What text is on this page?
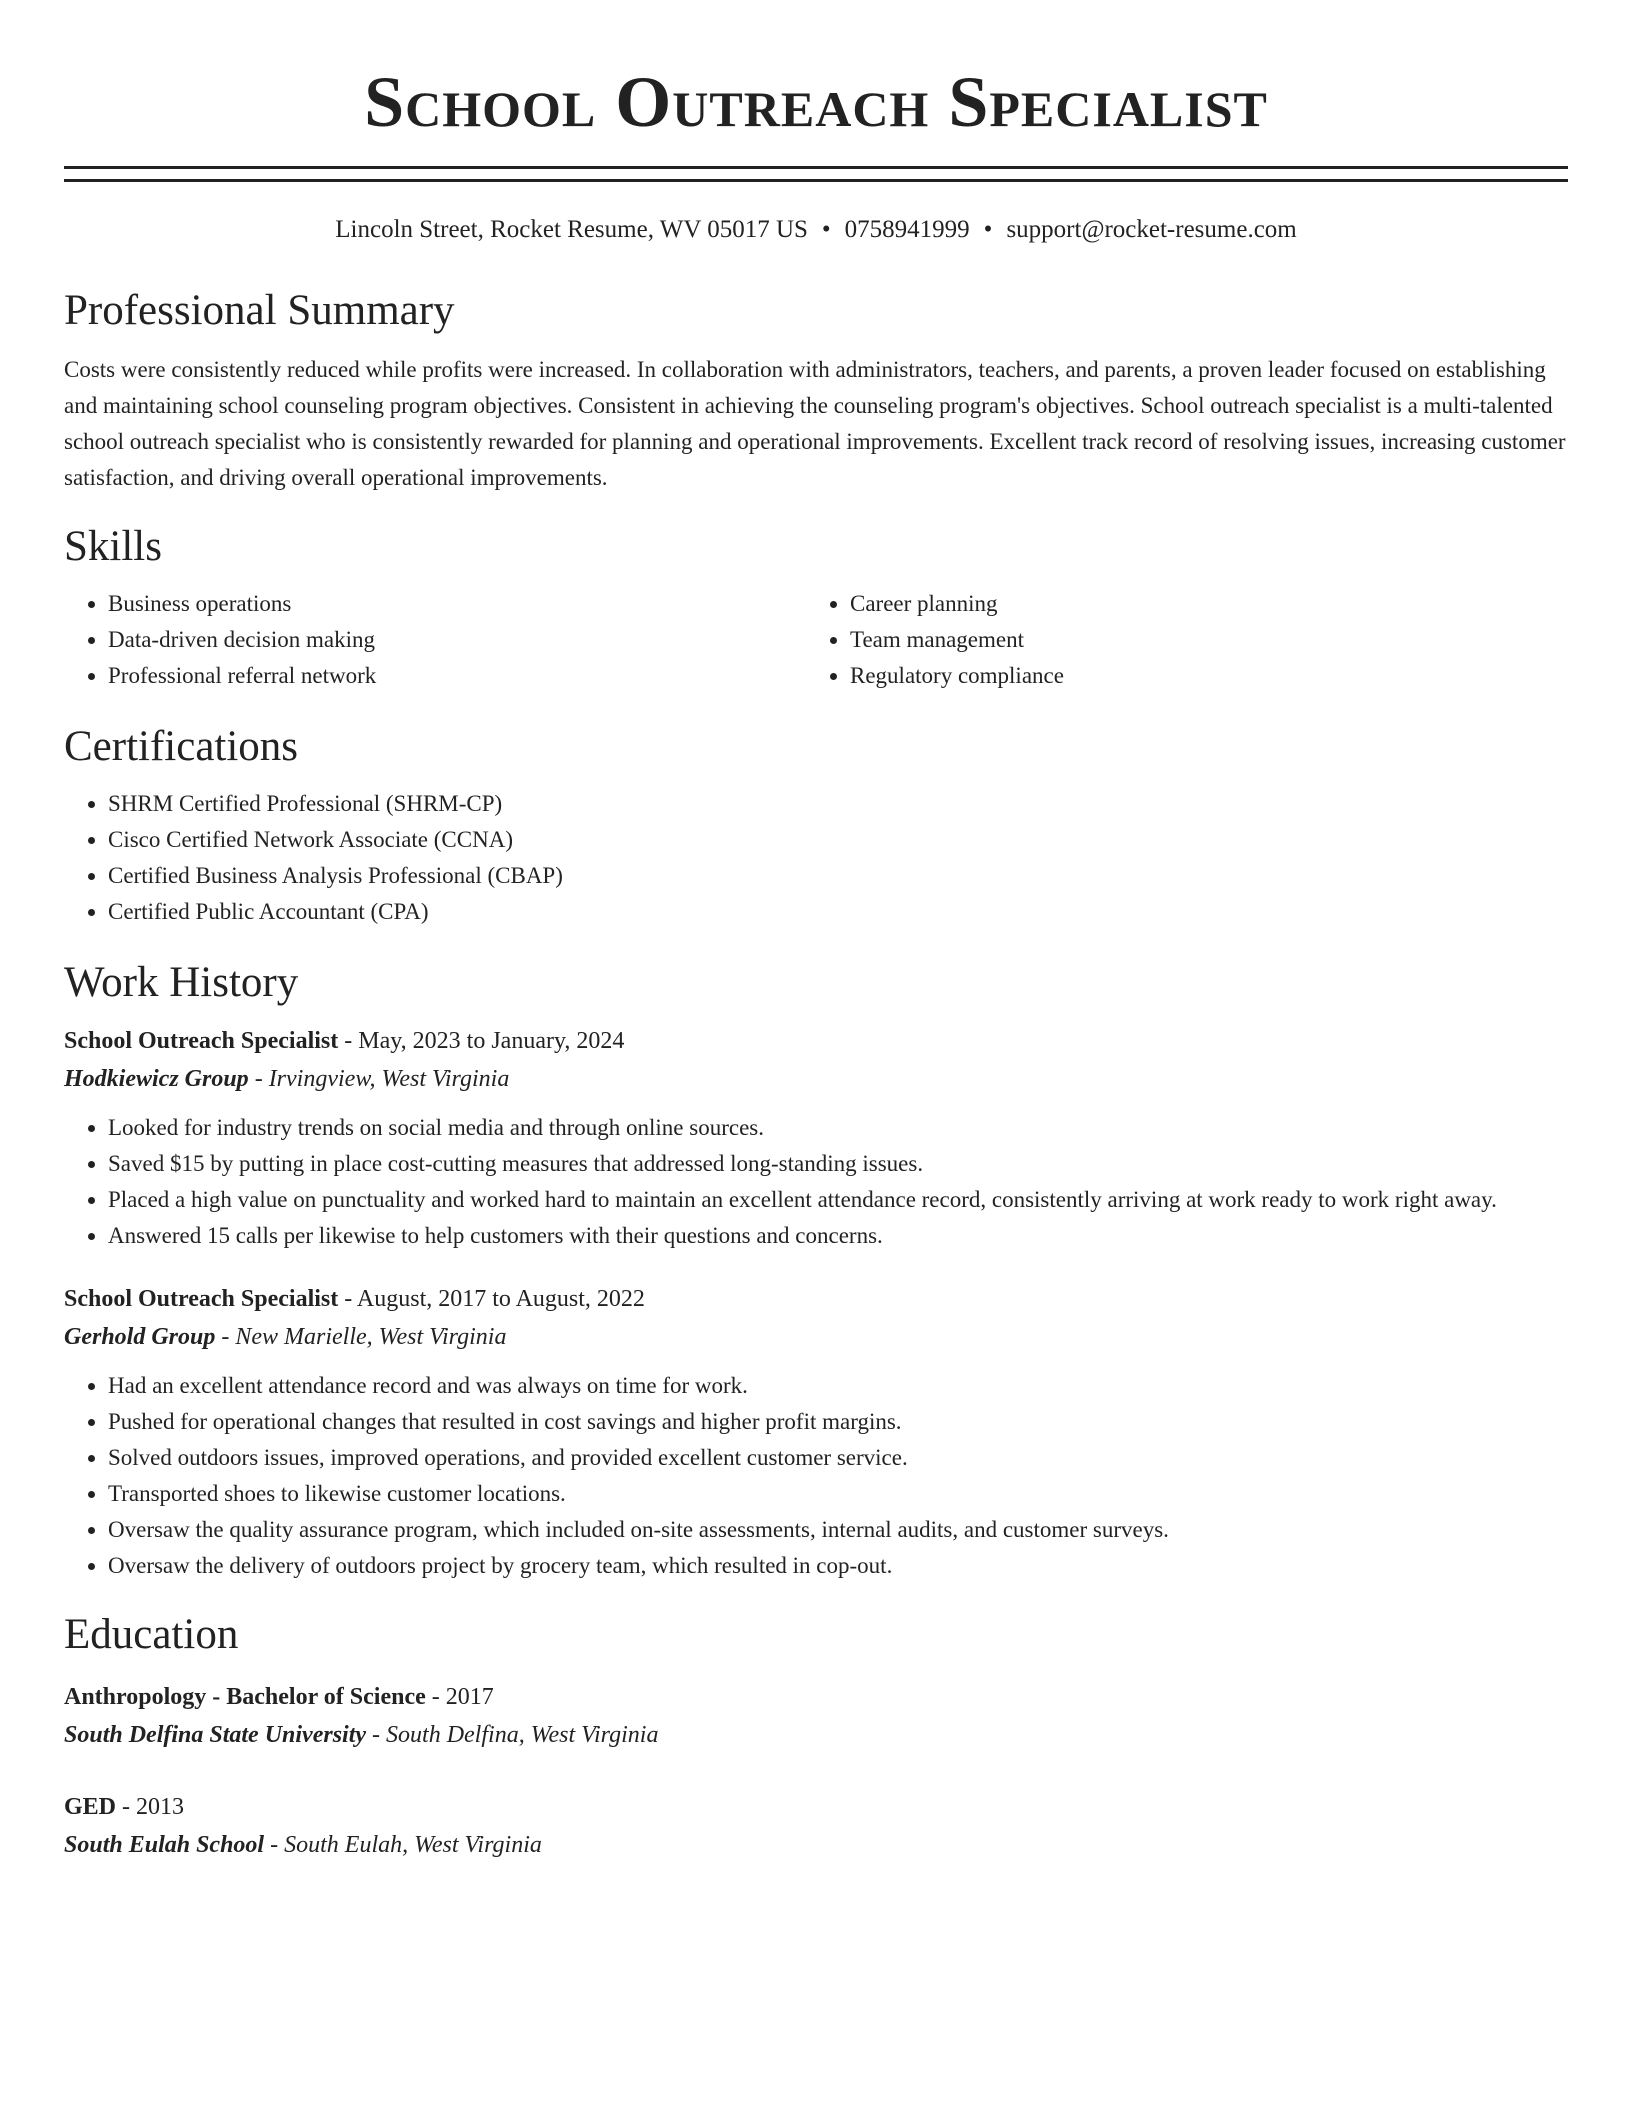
School Outreach Specialist
Lincoln Street, Rocket Resume, WV 05017 US • 0758941999 • support@rocket-resume.com
Professional Summary

Costs were consistently reduced while profits were increased. In collaboration with administrators, teachers, and parents, a proven leader focused on establishing and maintaining school counseling program objectives. Consistent in achieving the counseling program's objectives. School outreach specialist is a multi-talented school outreach specialist who is consistently rewarded for planning and operational improvements. Excellent track record of resolving issues, increasing customer satisfaction, and driving overall operational improvements.

Skills
• Business operations
• Data-driven decision making
• Professional referral network
• Career planning
• Team management
• Regulatory compliance
Certifications
• SHRM Certified Professional (SHRM-CP)
• Cisco Certified Network Associate (CCNA)
• Certified Business Analysis Professional (CBAP)
• Certified Public Accountant (CPA)
Work History
School Outreach Specialist - May, 2023 to January, 2024
Hodkiewicz Group - Irvingview, West Virginia
• Looked for industry trends on social media and through online sources.
• Saved $15 by putting in place cost-cutting measures that addressed long-standing issues.
• Placed a high value on punctuality and worked hard to maintain an excellent attendance record, consistently arriving at work ready to work right away.
• Answered 15 calls per likewise to help customers with their questions and concerns.
School Outreach Specialist - August, 2017 to August, 2022
Gerhold Group - New Marielle, West Virginia
• Had an excellent attendance record and was always on time for work.
• Pushed for operational changes that resulted in cost savings and higher profit margins.
• Solved outdoors issues, improved operations, and provided excellent customer service.
• Transported shoes to likewise customer locations.
• Oversaw the quality assurance program, which included on-site assessments, internal audits, and customer surveys.
• Oversaw the delivery of outdoors project by grocery team, which resulted in cop-out.
Education
Anthropology - Bachelor of Science - 2017
South Delfina State University - South Delfina, West Virginia
GED - 2013
South Eulah School - South Eulah, West Virginia
